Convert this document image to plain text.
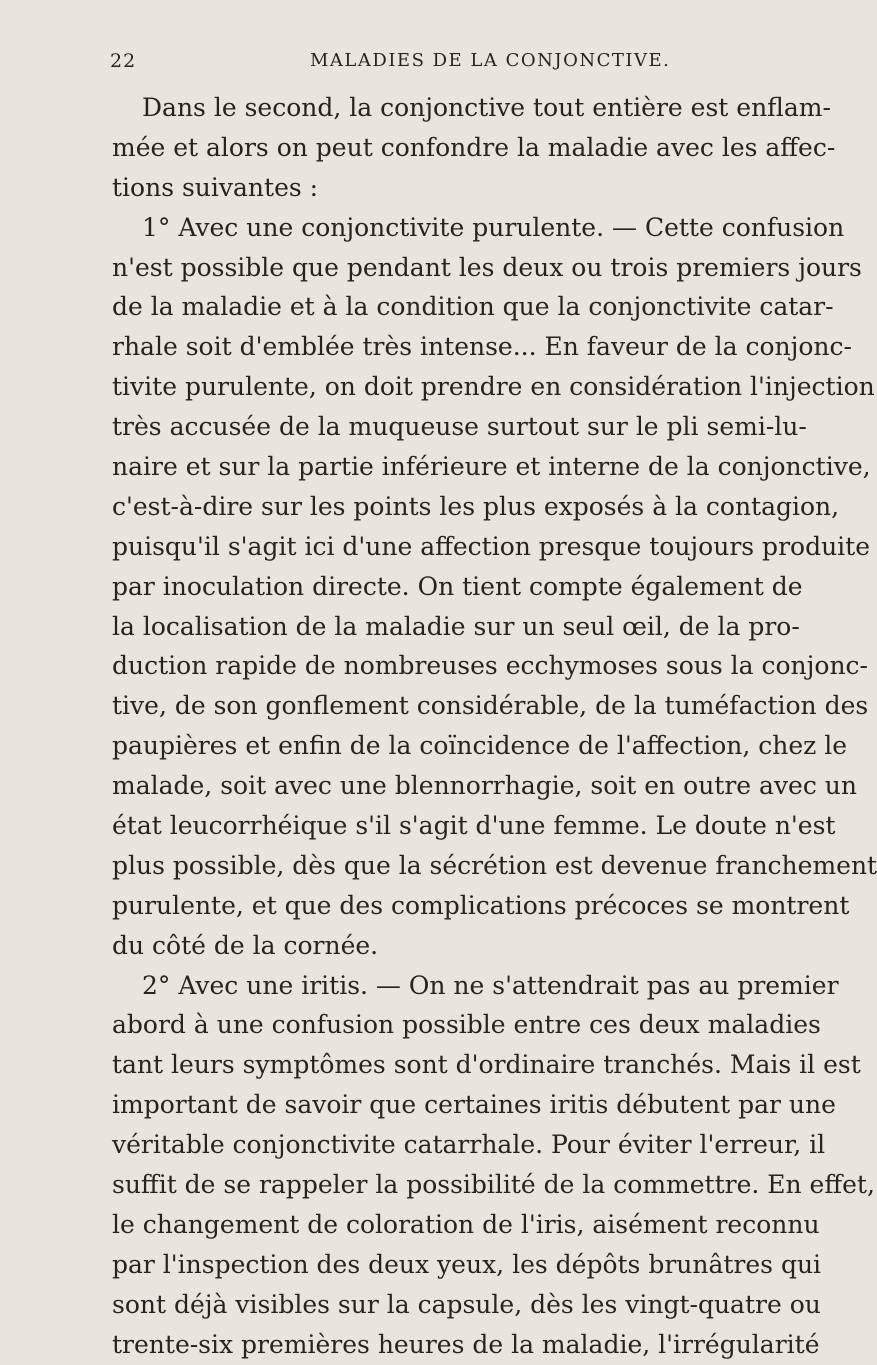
22	MALADIES DE LA CONJONCTIVE.
Dans le second, la conjonctive tout entière est enflam-
mée et alors on peut confondre la maladie avec les affec-
tions suivantes :
1° Avec une conjonctivite purulente. — Cette confusion
n'est possible que pendant les deux ou trois premiers jours
de la maladie et à la condition que la conjonctivite catar-
rhale soit d'emblée très intense... En faveur de la conjonc-
tivite purulente, on doit prendre en considération l'injection
très accusée de la muqueuse surtout sur le pli semi-lu-
naire et sur la partie inférieure et interne de la conjonctive,
c'est-à-dire sur les points les plus exposés à la contagion,
puisqu'il s'agit ici d'une affection presque toujours produite
par inoculation directe. On tient compte également de
la localisation de la maladie sur un seul œil, de la pro-
duction rapide de nombreuses ecchymoses sous la conjonc-
tive, de son gonflement considérable, de la tuméfaction des
paupières et enfin de la coïncidence de l'affection, chez le
malade, soit avec une blennorrhagie, soit en outre avec un
état leucorrhéique s'il s'agit d'une femme. Le doute n'est
plus possible, dès que la sécrétion est devenue franchement
purulente, et que des complications précoces se montrent
du côté de la cornée.
2° Avec une iritis. — On ne s'attendrait pas au premier
abord à une confusion possible entre ces deux maladies
tant leurs symptômes sont d'ordinaire tranchés. Mais il est
important de savoir que certaines iritis débutent par une
véritable conjonctivite catarrhale. Pour éviter l'erreur, il
suffit de se rappeler la possibilité de la commettre. En effet,
le changement de coloration de l'iris, aisément reconnu
par l'inspection des deux yeux, les dépôts brunâtres qui
sont déjà visibles sur la capsule, dès les vingt-quatre ou
trente-six premières heures de la maladie, l'irrégularité
